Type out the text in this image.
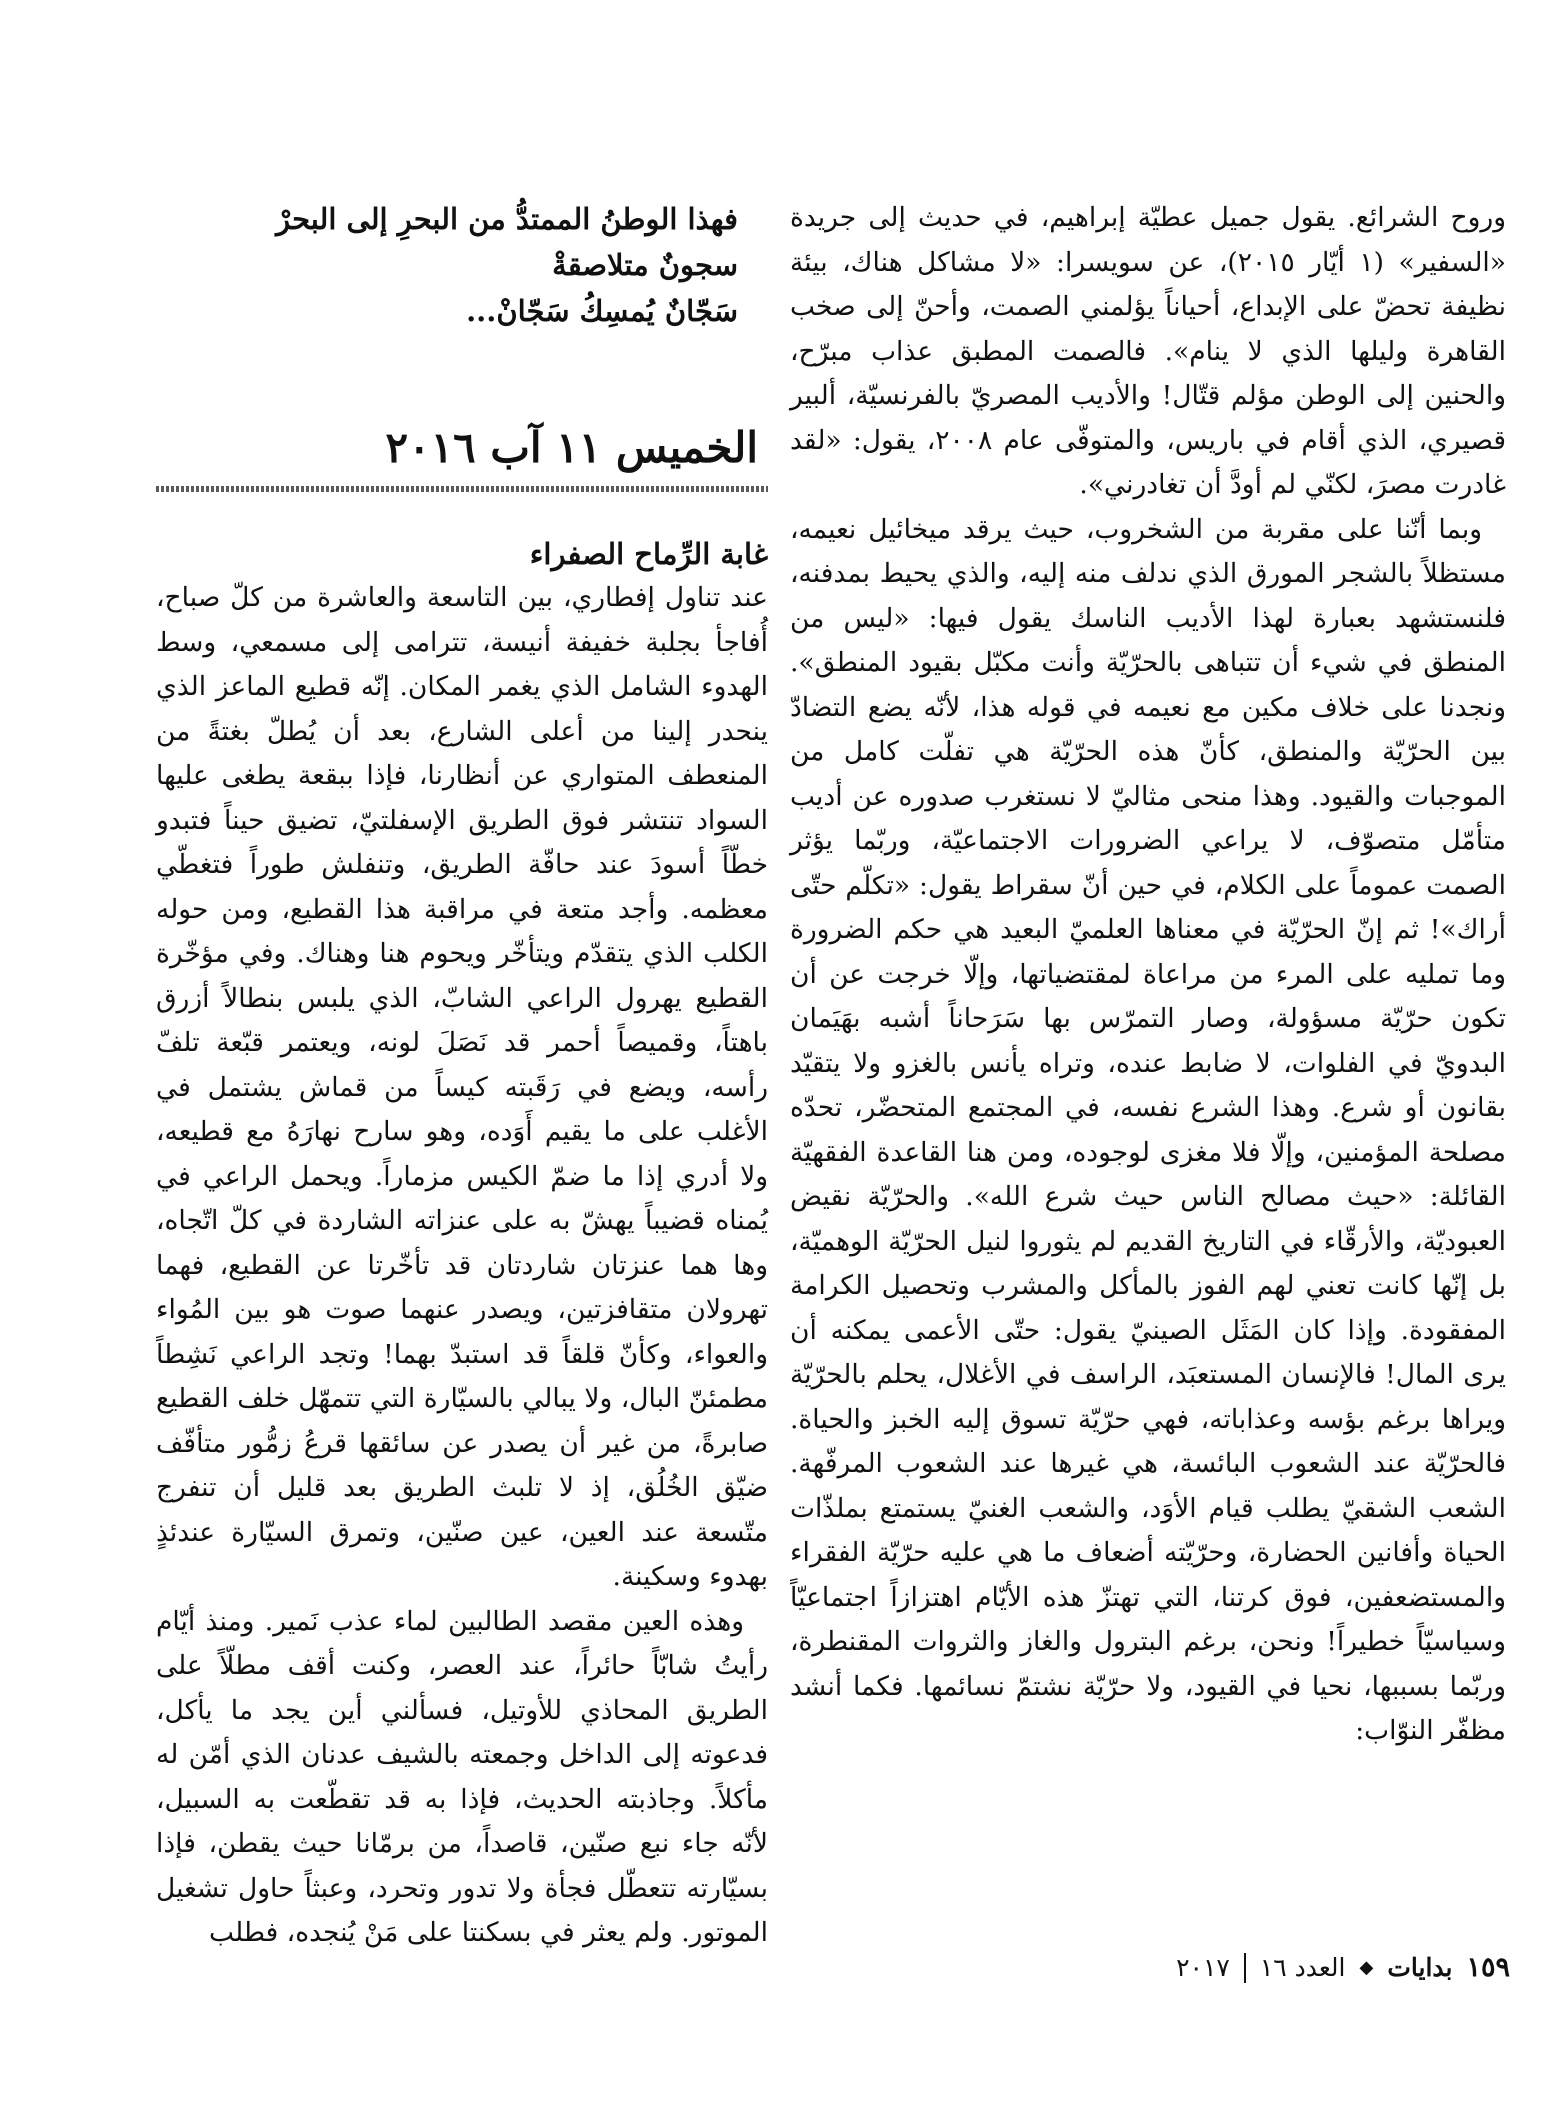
وروح الشرائع. يقول جميل عطيّة إبراهيم، في حديث إلى جريدة «السفير» (١ أيّار ٢٠١٥)، عن سويسرا: «لا مشاكل هناك، بيئة نظيفة تحضّ على الإبداع، أحياناً يؤلمني الصمت، وأحنّ إلى صخب القاهرة وليلها الذي لا ينام». فالصمت المطبق عذاب مبرّح، والحنين إلى الوطن مؤلم قتّال! والأديب المصريّ بالفرنسيّة، ألبير قصيري، الذي أقام في باريس، والمتوفّى عام ٢٠٠٨، يقول: «لقد غادرت مصرَ، لكنّي لم أودَّ أن تغادرني».

وبما أنّنا على مقربة من الشخروب، حيث يرقد ميخائيل نعيمه، مستظلاً بالشجر المورق الذي ندلف منه إليه، والذي يحيط بمدفنه، فلنستشهد بعبارة لهذا الأديب الناسك يقول فيها: «ليس من المنطق في شيء أن تتباهى بالحرّيّة وأنت مكبّل بقيود المنطق». ونجدنا على خلاف مكين مع نعيمه في قوله هذا، لأنّه يضع التضادّ بين الحرّيّة والمنطق، كأنّ هذه الحرّيّة هي تفلّت كامل من الموجبات والقيود. وهذا منحى مثاليّ لا نستغرب صدوره عن أديب متأمّل متصوّف، لا يراعي الضرورات الاجتماعيّة، وربّما يؤثر الصمت عموماً على الكلام، في حين أنّ سقراط يقول: «تكلّم حتّى أراك»! ثم إنّ الحرّيّة في معناها العلميّ البعيد هي حكم الضرورة وما تمليه على المرء من مراعاة لمقتضياتها، وإلّا خرجت عن أن تكون حرّيّة مسؤولة، وصار التمرّس بها سَرَحاناً أشبه بهَيَمان البدويّ في الفلوات، لا ضابط عنده، وتراه يأنس بالغزو ولا يتقيّد بقانون أو شرع. وهذا الشرع نفسه، في المجتمع المتحضّر، تحدّه مصلحة المؤمنين، وإلّا فلا مغزى لوجوده، ومن هنا القاعدة الفقهيّة القائلة: «حيث مصالح الناس حيث شرع الله». والحرّيّة نقيض العبوديّة، والأرقّاء في التاريخ القديم لم يثوروا لنيل الحرّيّة الوهميّة، بل إنّها كانت تعني لهم الفوز بالمأكل والمشرب وتحصيل الكرامة المفقودة. وإذا كان المَثَل الصينيّ يقول: حتّى الأعمى يمكنه أن يرى المال! فالإنسان المستعبَد، الراسف في الأغلال، يحلم بالحرّيّة ويراها برغم بؤسه وعذاباته، فهي حرّيّة تسوق إليه الخبز والحياة. فالحرّيّة عند الشعوب البائسة، هي غيرها عند الشعوب المرفّهة. الشعب الشقيّ يطلب قيام الأوَد، والشعب الغنيّ يستمتع بملذّات الحياة وأفانين الحضارة، وحرّيّته أضعاف ما هي عليه حرّيّة الفقراء والمستضعفين، فوق كرتنا، التي تهتزّ هذه الأيّام اهتزازاً اجتماعيّاً وسياسيّاً خطيراً! ونحن، برغم البترول والغاز والثروات المقنطرة، وربّما بسببها، نحيا في القيود، ولا حرّيّة نشتمّ نسائمها. فكما أنشد مظفّر النوّاب:

فهذا الوطنُ الممتدُّ من البحرِ إلى البحرْ
سجونٌ متلاصقةْ
سَجّانٌ يُمسِكُ سَجّانْ...
الخميس ١١ آب ٢٠١٦
غابة الرِّماح الصفراء

عند تناول إفطاري، بين التاسعة والعاشرة من كلّ صباح، أُفاجأ بجلبة خفيفة أنيسة، تترامى إلى مسمعي، وسط الهدوء الشامل الذي يغمر المكان. إنّه قطيع الماعز الذي ينحدر إلينا من أعلى الشارع، بعد أن يُطلّ بغتةً من المنعطف المتواري عن أنظارنا، فإذا ببقعة يطغى عليها السواد تنتشر فوق الطريق الإسفلتيّ، تضيق حيناً فتبدو خطّاً أسودَ عند حافّة الطريق، وتنفلش طوراً فتغطّي معظمه. وأجد متعة في مراقبة هذا القطيع، ومن حوله الكلب الذي يتقدّم ويتأخّر ويحوم هنا وهناك. وفي مؤخّرة القطيع يهرول الراعي الشابّ، الذي يلبس بنطالاً أزرق باهتاً، وقميصاً أحمر قد نَصَلَ لونه، ويعتمر قبّعة تلفّ رأسه، ويضع في رَقَبته كيساً من قماش يشتمل في الأغلب على ما يقيم أَوَده، وهو سارح نهارَهُ مع قطيعه، ولا أدري إذا ما ضمّ الكيس مزماراً. ويحمل الراعي في يُمناه قضيباً يهشّ به على عنزاته الشاردة في كلّ اتّجاه، وها هما عنزتان شاردتان قد تأخّرتا عن القطيع، فهما تهرولان متقافزتين، ويصدر عنهما صوت هو بين المُواء والعواء، وكأنّ قلقاً قد استبدّ بهما! وتجد الراعي نَشِطاً مطمئنّ البال، ولا يبالي بالسيّارة التي تتمهّل خلف القطيع صابرةً، من غير أن يصدر عن سائقها قرعُ زمُّور متأفّف ضيّق الخُلُق، إذ لا تلبث الطريق بعد قليل أن تنفرج متّسعة عند العين، عين صنّين، وتمرق السيّارة عندئذٍ بهدوء وسكينة.

وهذه العين مقصد الطالبين لماء عذب نَمير. ومنذ أيّام رأيتُ شابّاً حائراً، عند العصر، وكنت أقف مطلّاً على الطريق المحاذي للأوتيل، فسألني أين يجد ما يأكل، فدعوته إلى الداخل وجمعته بالشيف عدنان الذي أمّن له مأكلاً. وجاذبته الحديث، فإذا به قد تقطّعت به السبيل، لأنّه جاء نبع صنّين، قاصداً، من برمّانا حيث يقطن، فإذا بسيّارته تتعطّل فجأة ولا تدور وتحرد، وعبثاً حاول تشغيل الموتور. ولم يعثر في بسكنتا على مَنْ يُنجده، فطلب

١٥٩
بدايات
◆
العدد ١٦
٢٠١٧
